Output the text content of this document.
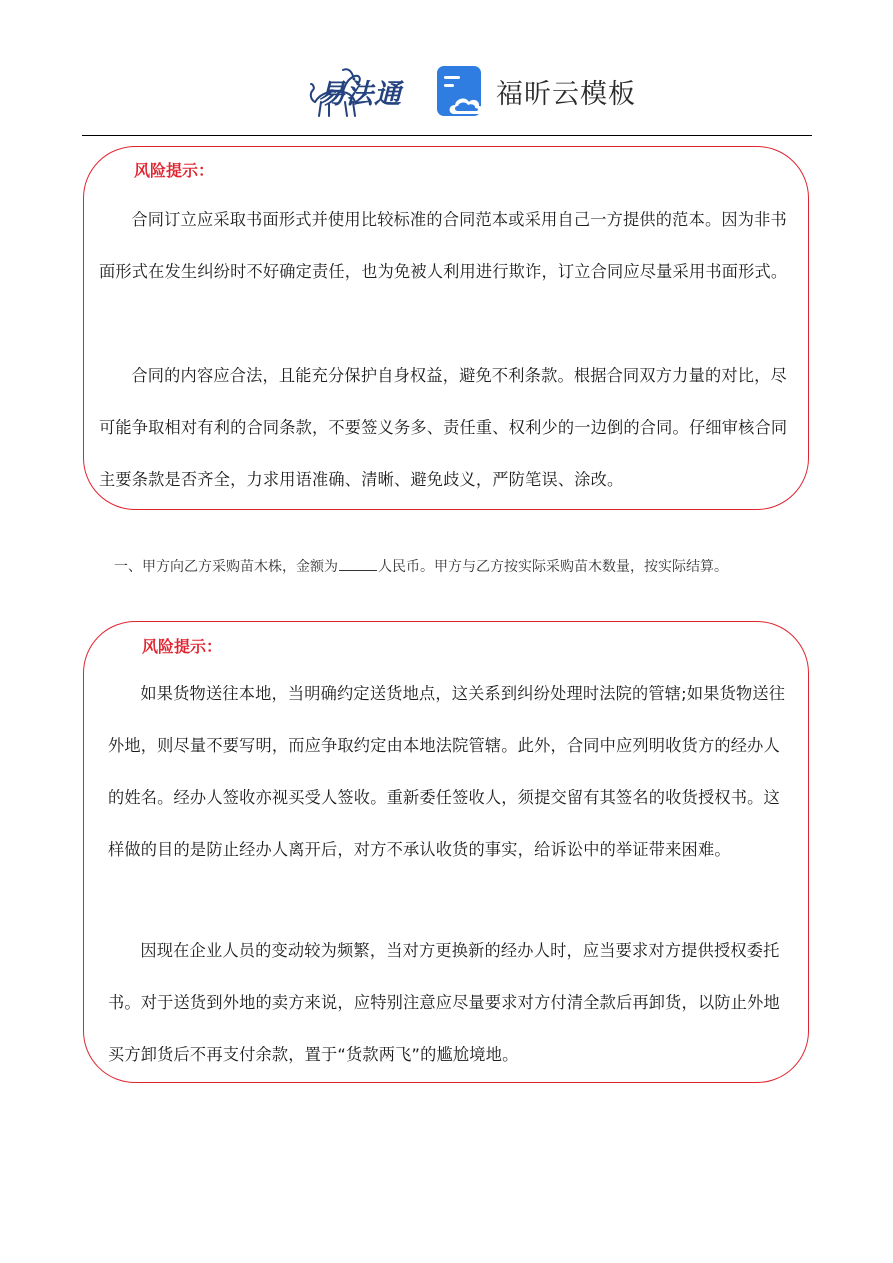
易法通	福昕云模板
风险提示：

合同订立应采取书面形式并使用比较标准的合同范本或采用自己一方提供的范本。因为非书面形式在发生纠纷时不好确定责任，也为免被人利用进行欺诈，订立合同应尽量采用书面形式。

合同的内容应合法，且能充分保护自身权益，避免不利条款。根据合同双方力量的对比，尽可能争取相对有利的合同条款，不要签义务多、责任重、权利少的一边倒的合同。仔细审核合同主要条款是否齐全，力求用语准确、清晰、避免歧义，严防笔误、涂改。

一、甲方向乙方采购苗木株，金额为	人民币。甲方与乙方按实际采购苗木数量，按实际结算。
风险提示：

如果货物送往本地，当明确约定送货地点，这关系到纠纷处理时法院的管辖;如果货物送往外地，则尽量不要写明，而应争取约定由本地法院管辖。此外，合同中应列明收货方的经办人的姓名。经办人签收亦视买受人签收。重新委任签收人，须提交留有其签名的收货授权书。这样做的目的是防止经办人离开后，对方不承认收货的事实，给诉讼中的举证带来困难。

因现在企业人员的变动较为频繁，当对方更换新的经办人时，应当要求对方提供授权委托书。对于送货到外地的卖方来说，应特别注意应尽量要求对方付清全款后再卸货，以防止外地买方卸货后不再支付余款，置于“货款两飞”的尴尬境地。
